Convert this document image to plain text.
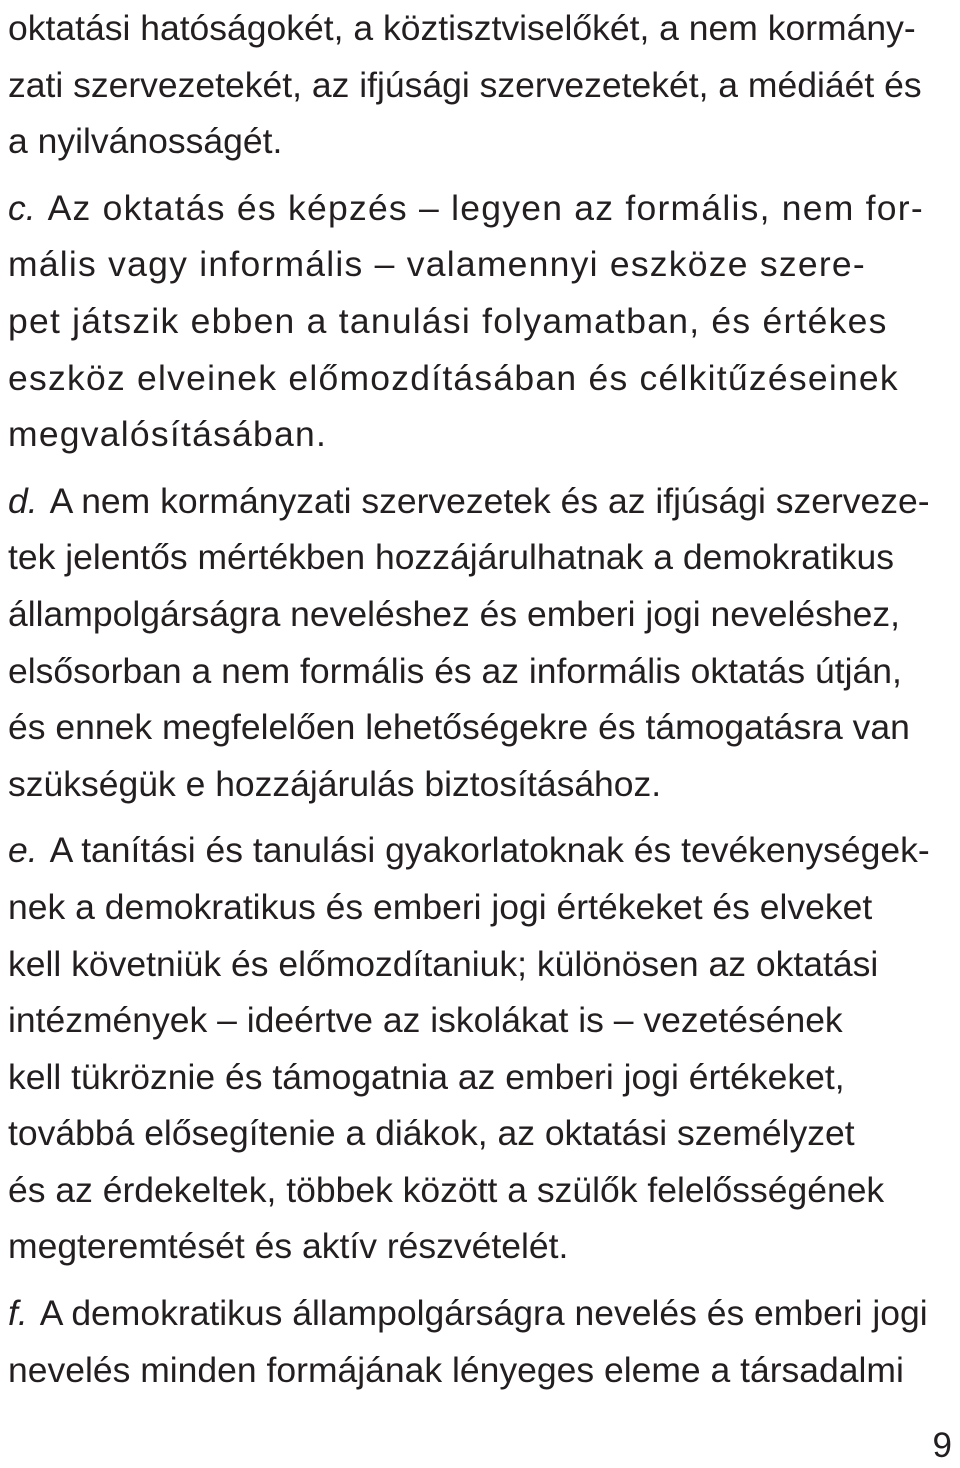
oktatási hatóságokét, a köztisztviselőkét, a nem kormány-
zati szervezetekét, az ifjúsági szervezetekét, a médiáét és
a nyilvánosságét.
c. Az oktatás és képzés – legyen az formális, nem for-
mális vagy informális – valamennyi eszköze szere-
pet játszik ebben a tanulási folyamatban, és értékes
eszköz elveinek előmozdításában és célkitűzéseinek
megvalósításában.
d. A nem kormányzati szervezetek és az ifjúsági szerveze-
tek jelentős mértékben hozzájárulhatnak a demokratikus
állampolgárságra neveléshez és emberi jogi neveléshez,
elsősorban a nem formális és az informális oktatás útján,
és ennek megfelelően lehetőségekre és támogatásra van
szükségük e hozzájárulás biztosításához.
e. A tanítási és tanulási gyakorlatoknak és tevékenységek-
nek a demokratikus és emberi jogi értékeket és elveket
kell követniük és előmozdítaniuk; különösen az oktatási
intézmények – ideértve az iskolákat is – vezetésének
kell tükröznie és támogatnia az emberi jogi értékeket,
továbbá elősegítenie a diákok, az oktatási személyzet
és az érdekeltek, többek között a szülők felelősségének
megteremtését és aktív részvételét.
f. A demokratikus állampolgárságra nevelés és emberi jogi
nevelés minden formájának lényeges eleme a társadalmi
9
